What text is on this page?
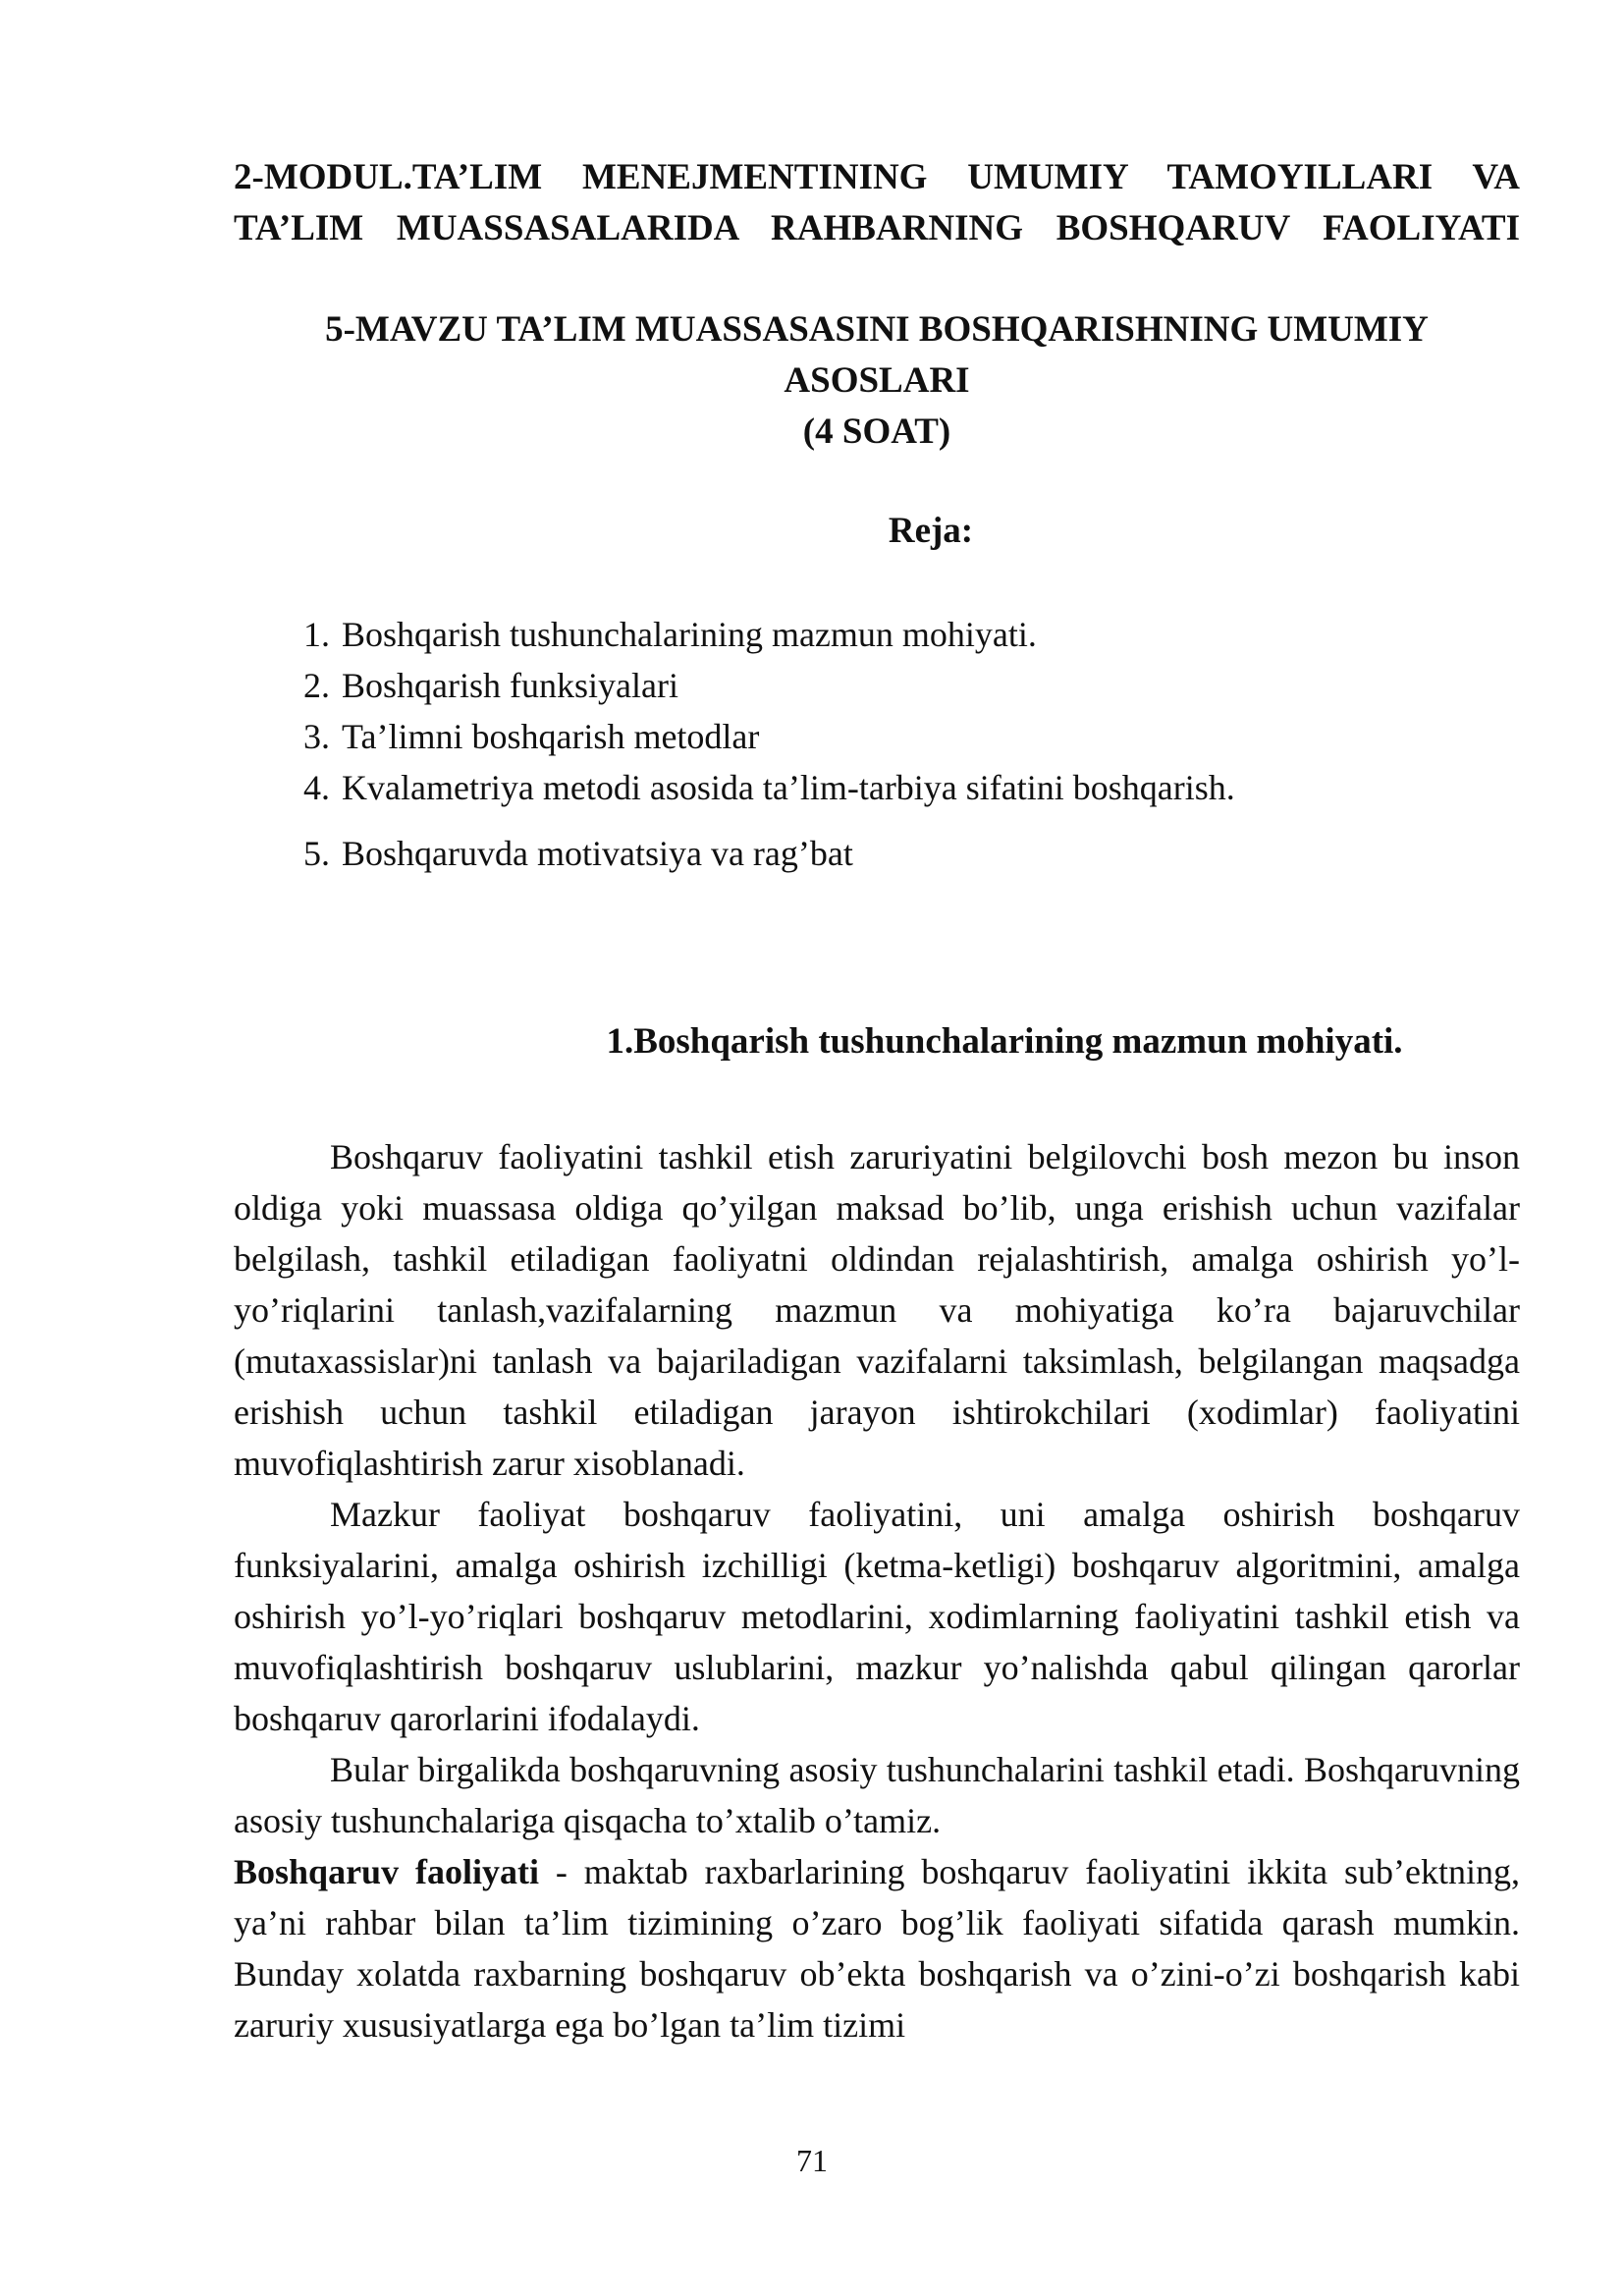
2-MODUL.TA’LIM MENEJMENTINING UMUMIY TAMOYILLARI VA
TA’LIM MUASSASALARIDA RAHBARNING BOSHQARUV FAOLIYATI
5-MAVZU TA’LIM MUASSASASINI BOSHQARISHNING UMUMIY
ASOSLARI
(4 SOAT)
Reja:
1. Boshqarish tushunchalarining mazmun mohiyati.
2. Boshqarish funksiyalari
3. Ta’limni boshqarish metodlar
4. Kvalametriya metodi asosida ta’lim-tarbiya sifatini boshqarish.
5. Boshqaruvda motivatsiya va rag’bat
1.Boshqarish tushunchalarining mazmun mohiyati.

Boshqaruv faoliyatini tashkil etish zaruriyatini belgilovchi bosh mezon bu inson oldiga yoki muassasa oldiga qo’yilgan maksad bo’lib, unga erishish uchun vazifalar belgilash, tashkil etiladigan faoliyatni oldindan rejalashtirish, amalga oshirish yo’l-yo’riqlarini tanlash,vazifalarning mazmun va mohiyatiga ko’ra bajaruvchilar (mutaxassislar)ni tanlash va bajariladigan vazifalarni taksimlash, belgilangan maqsadga erishish uchun tashkil etiladigan jarayon ishtirokchilari (xodimlar) faoliyatini muvofiqlashtirish zarur xisoblanadi.

Mazkur faoliyat boshqaruv faoliyatini, uni amalga oshirish boshqaruv funksiyalarini, amalga oshirish izchilligi (ketma-ketligi) boshqaruv algoritmini, amalga oshirish yo’l-yo’riqlari boshqaruv metodlarini, xodimlarning faoliyatini tashkil etish va muvofiqlashtirish boshqaruv uslublarini, mazkur yo’nalishda qabul qilingan qarorlar boshqaruv qarorlarini ifodalaydi.

Bular birgalikda boshqaruvning asosiy tushunchalarini tashkil etadi. Boshqaruvning asosiy tushunchalariga qisqacha to’xtalib o’tamiz.

Boshqaruv faoliyati - maktab raxbarlarining boshqaruv faoliyatini ikkita sub’ektning, ya’ni rahbar bilan ta’lim tizimining o’zaro bog’lik faoliyati sifatida qarash mumkin. Bunday xolatda raxbarning boshqaruv ob’ekta boshqarish va o’zini-o’zi boshqarish kabi zaruriy xususiyatlarga ega bo’lgan ta’lim tizimi

71
